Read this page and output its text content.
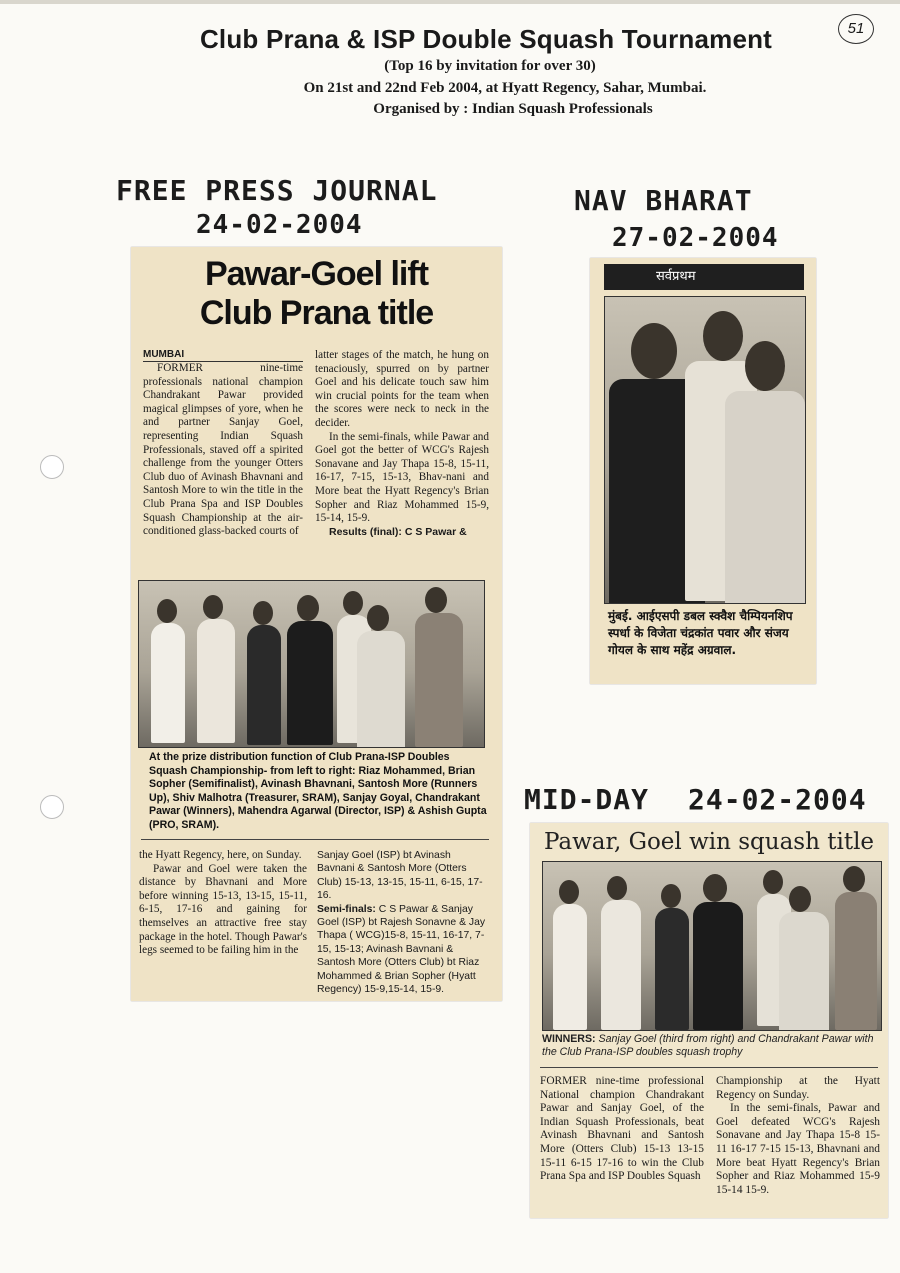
51
Club Prana & ISP Double Squash Tournament
(Top 16 by invitation for over 30)
On 21st and 22nd Feb 2004, at Hyatt Regency, Sahar, Mumbai.
Organised by : Indian Squash Professionals
FREE PRESS JOURNAL
24-02-2004
NAV BHARAT
27-02-2004
MID-DAY 24-02-2004
Pawar-Goel lift Club Prana title

MUMBAI

FORMER nine-time professionals national champion Chandrakant Pawar provided magical glimpses of yore, when he and partner Sanjay Goel, representing Indian Squash Professionals, staved off a spirited challenge from the younger Otters Club duo of Avinash Bhavnani and Santosh More to win the title in the Club Prana Spa and ISP Doubles Squash Championship at the air-conditioned glass-backed courts of

latter stages of the match, he hung on tenaciously, spurred on by partner Goel and his delicate touch saw him win crucial points for the team when the scores were neck to neck in the decider.

In the semi-finals, while Pawar and Goel got the better of WCG's Rajesh Sonavane and Jay Thapa 15-8, 15-11, 16-17, 7-15, 15-13, Bhav-nani and More beat the Hyatt Regency's Brian Sopher and Riaz Mohammed 15-9, 15-14, 15-9.

Results (final): C S Pawar &

At the prize distribution function of Club Prana-ISP Doubles Squash Championship- from left to right: Riaz Mohammed, Brian Sopher (Semifinalist), Avinash Bhavnani, Santosh More (Runners Up), Shiv Malhotra (Treasurer, SRAM), Sanjay Goyal, Chandrakant Pawar (Winners), Mahendra Agarwal (Director, ISP) & Ashish Gupta (PRO, SRAM).

the Hyatt Regency, here, on Sunday.

Pawar and Goel were taken the distance by Bhavnani and More before winning 15-13, 13-15, 15-11, 6-15, 17-16 and gaining for themselves an attractive free stay package in the hotel. Though Pawar's legs seemed to be failing him in the

Sanjay Goel (ISP) bt Avinash Bavnani & Santosh More (Otters Club) 15-13, 13-15, 15-11, 6-15, 17-16.

Semi-finals: C S Pawar & Sanjay Goel (ISP) bt Rajesh Sonavne & Jay Thapa ( WCG)15-8, 15-11, 16-17, 7-15, 15-13; Avinash Bavnani & Santosh More (Otters Club) bt Riaz Mohammed & Brian Sopher (Hyatt Regency) 15-9,15-14, 15-9.

सर्वप्रथम
मुंबई. आईएसपी डबल स्क्वैश चैम्पियनशिप स्पर्धा के विजेता चंद्रकांत पवार और संजय गोयल के साथ महेंद्र अग्रवाल.
Pawar, Goel win squash title
WINNERS: Sanjay Goel (third from right) and Chandrakant Pawar with the Club Prana-ISP doubles squash trophy

FORMER nine-time professional National champion Chandrakant Pawar and Sanjay Goel, of the Indian Squash Professionals, beat Avinash Bhavnani and Santosh More (Otters Club) 15-13 13-15 15-11 6-15 17-16 to win the Club Prana Spa and ISP Doubles Squash

Championship at the Hyatt Regency on Sunday.

In the semi-finals, Pawar and Goel defeated WCG's Rajesh Sonavane and Jay Thapa 15-8 15-11 16-17 7-15 15-13, Bhavnani and More beat Hyatt Regency's Brian Sopher and Riaz Mohammed 15-9 15-14 15-9.
